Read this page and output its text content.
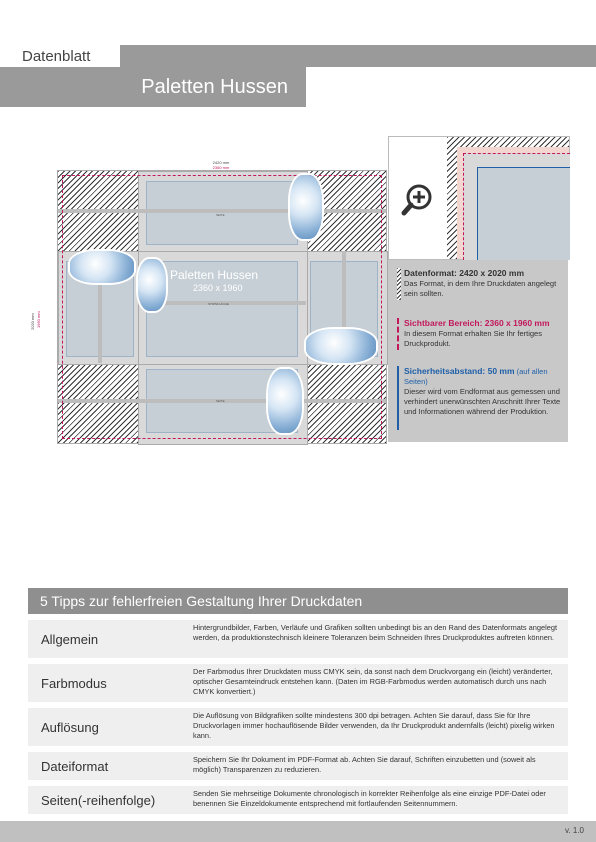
Datenblatt
Paletten Hussen
2420 mm
2360 mm
2020 mm 1960 mm
SEITE
STIRNFLÄCHE
SEITE
Paletten Hussen
2360 x 1960
Datenformat: 2420 x 2020 mm
Das Format, in dem Ihre Druckdaten angelegt sein sollten.
Sichtbarer Bereich: 2360 x 1960 mm
In diesem Format erhalten Sie Ihr fertiges Druckprodukt.
Sicherheitsabstand: 50 mm (auf allen Seiten)
Dieser wird vom Endformat aus gemessen und verhindert unerwünschten Anschnitt Ihrer Texte und Informationen während der Produktion.
5 Tipps zur fehlerfreien Gestaltung Ihrer Druckdaten
Allgemein
Hintergrundbilder, Farben, Verläufe und Grafiken sollten unbedingt bis an den Rand des Datenformats angelegt werden, da produktionstechnisch kleinere Toleranzen beim Schneiden Ihres Druckproduktes auftreten können.
Farbmodus
Der Farbmodus Ihrer Druckdaten muss CMYK sein, da sonst nach dem Druckvorgang ein (leicht) veränderter, optischer Gesamteindruck entstehen kann. (Daten im RGB-Farbmodus werden automatisch durch uns nach CMYK konvertiert.)
Auflösung
Die Auflösung von Bildgrafiken sollte mindestens 300 dpi betragen. Achten Sie darauf, dass Sie für Ihre Druckvorlagen immer hochauflösende Bilder verwenden, da Ihr Druckprodukt andernfalls (leicht) pixelig wirken kann.
Dateiformat	Speichern Sie Ihr Dokument im PDF-Format ab. Achten Sie darauf, Schriften einzubetten und (soweit als möglich) Transparenzen zu reduzieren.
Seiten(-reihenfolge)	Senden Sie mehrseitige Dokumente chronologisch in korrekter Reihenfolge als eine einzige PDF-Datei oder benennen Sie Einzeldokumente entsprechend mit fortlaufenden Seitennummern.
v. 1.0
